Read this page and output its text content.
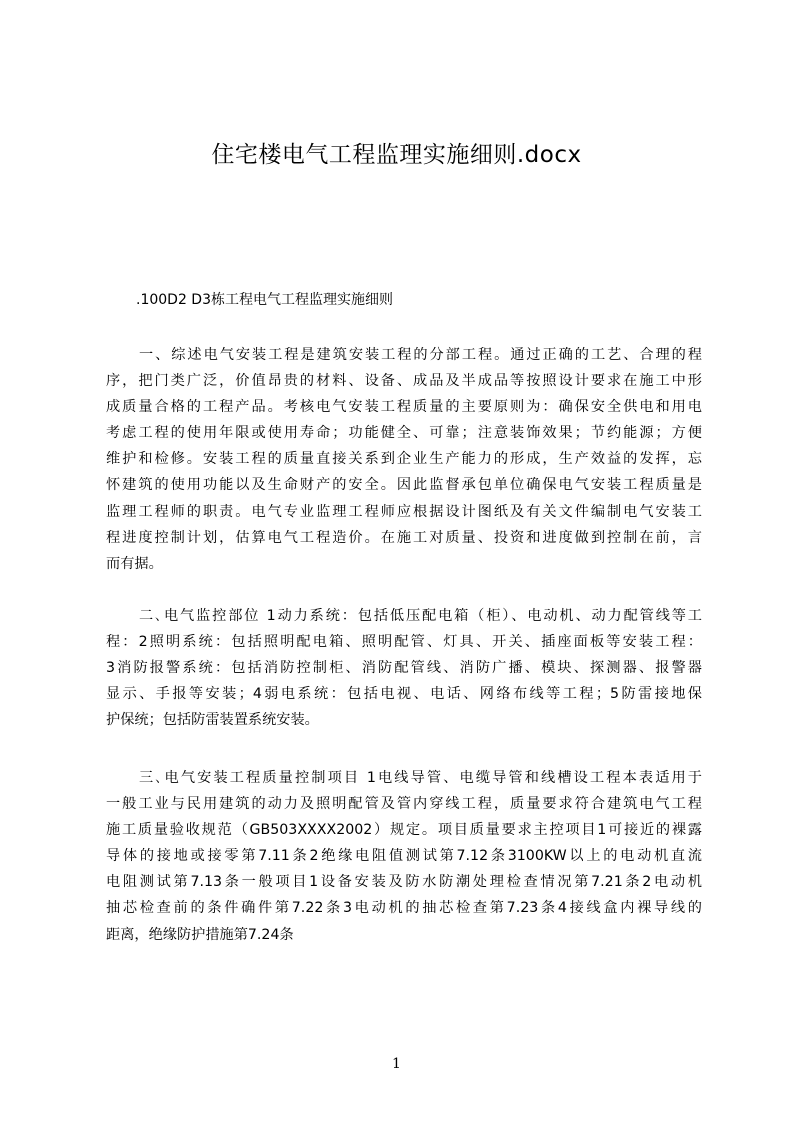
住宅楼电气工程监理实施细则.docx

.100D2 D3栋工程电气工程监理实施细则

一、综述电气安装工程是建筑安装工程的分部工程。通过正确的工艺、合理的程
序，把门类广泛，价值昂贵的材料、设备、成品及半成品等按照设计要求在施工中形
成质量合格的工程产品。考核电气安装工程质量的主要原则为：确保安全供电和用电
考虑工程的使用年限或使用寿命；功能健全、可靠；注意装饰效果；节约能源；方便
维护和检修。安装工程的质量直接关系到企业生产能力的形成，生产效益的发挥，忘
怀建筑的使用功能以及生命财产的安全。因此监督承包单位确保电气安装工程质量是
监理工程师的职责。电气专业监理工程师应根据设计图纸及有关文件编制电气安装工
程进度控制计划，估算电气工程造价。在施工对质量、投资和进度做到控制在前，言
而有据。
二､电气监控部位 1动力系统：包括低压配电箱（柜）、电动机、动力配管线等工
程：2照明系统：包括照明配电箱、照明配管、灯具、开关、插座面板等安装工程：
3消防报警系统：包括消防控制柜、消防配管线、消防广播、模块、探测器、报警器
显示、手报等安装；4弱电系统：包括电视、电话、网络布线等工程；5防雷接地保
护保统；包括防雷装置系统安装。
三､电气安装工程质量控制项目 1电线导管、电缆导管和线槽设工程本表适用于
一般工业与民用建筑的动力及照明配管及管内穿线工程，质量要求符合建筑电气工程
施工质量验收规范（GB503XXXX2002）规定。项目质量要求主控项目1可接近的裸露
导体的接地或接零第7.11条2绝缘电阻值测试第7.12条3100KW以上的电动机直流
电阻测试第7.13条一般项目1设备安装及防水防潮处理检查情况第7.21条2电动机
抽芯检查前的条件确件第7.22条3电动机的抽芯检查第7.23条4接线盒内裸导线的
距离，绝缘防护措施第7.24条

1
